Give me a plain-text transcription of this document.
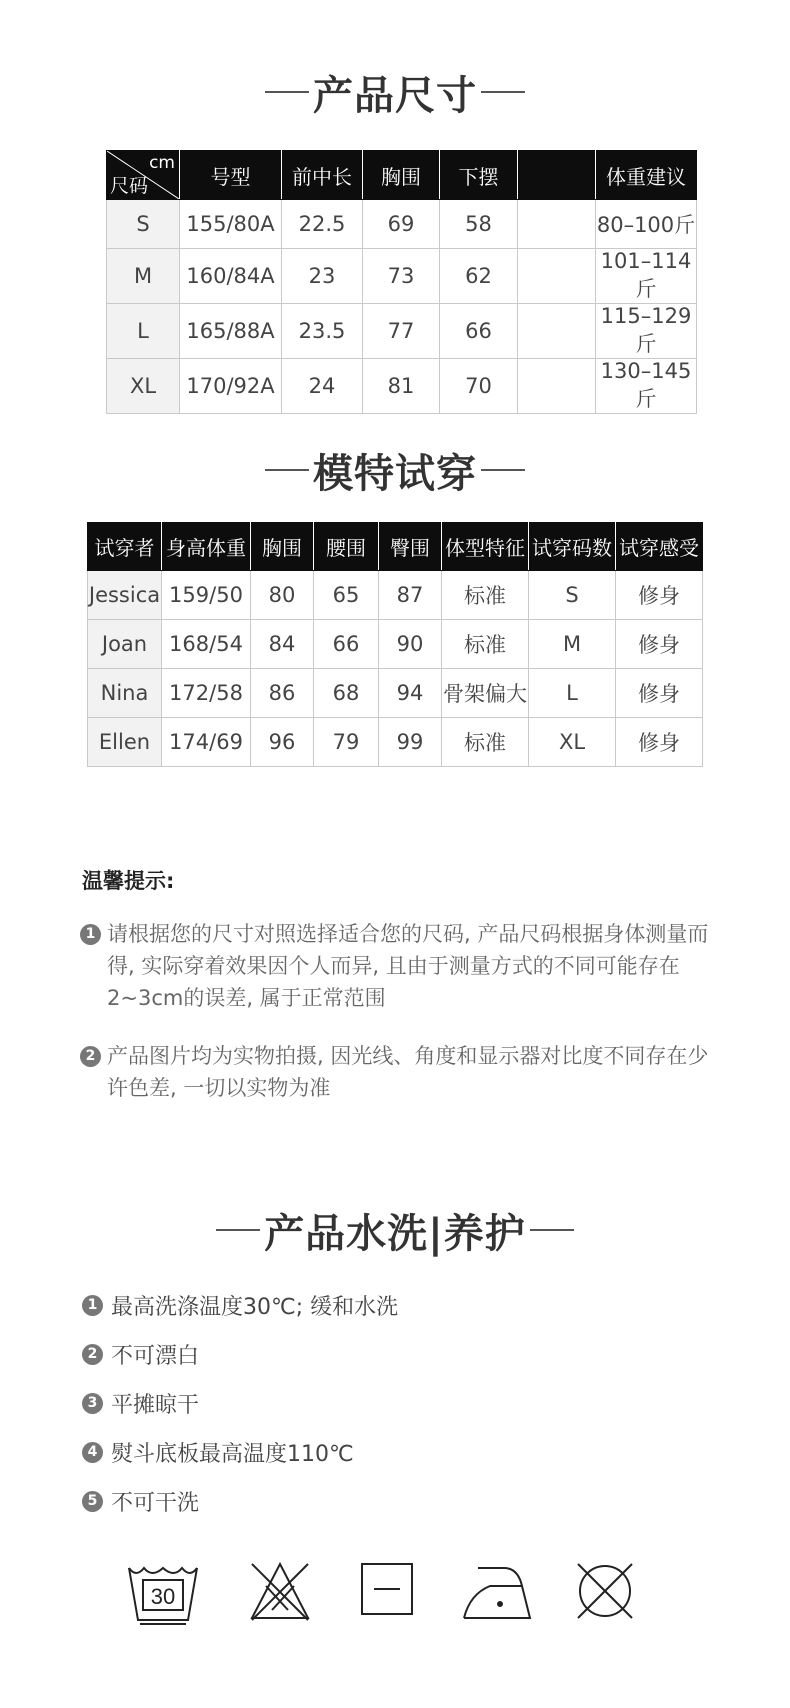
产品尺寸
cm
尺码	号型	前中长	胸围	下摆		体重建议
S	155/80A	22.5	69	58		80–100斤
M	160/84A	23	73	62		101–114斤
L	165/88A	23.5	77	66		115–129斤
XL	170/92A	24	81	70		130–145斤
模特试穿
试穿者	身高体重	胸围	腰围	臀围	体型特征	试穿码数	试穿感受
Jessica	159/50	80	65	87	标准	S	修身
Joan	168/54	84	66	90	标准	M	修身
Nina	172/58	86	68	94	骨架偏大	L	修身
Ellen	174/69	96	79	99	标准	XL	修身
温馨提示:
1 请根据您的尺寸对照选择适合您的尺码, 产品尺码根据身体测量而得, 实际穿着效果因个人而异, 且由于测量方式的不同可能存在2~3cm的误差, 属于正常范围
2 产品图片均为实物拍摄, 因光线、角度和显示器对比度不同存在少许色差, 一切以实物为准
产品水洗|养护
1 最高洗涤温度30℃; 缓和水洗
2 不可漂白
3 平摊晾干
4 熨斗底板最高温度110℃
5 不可干洗
30
